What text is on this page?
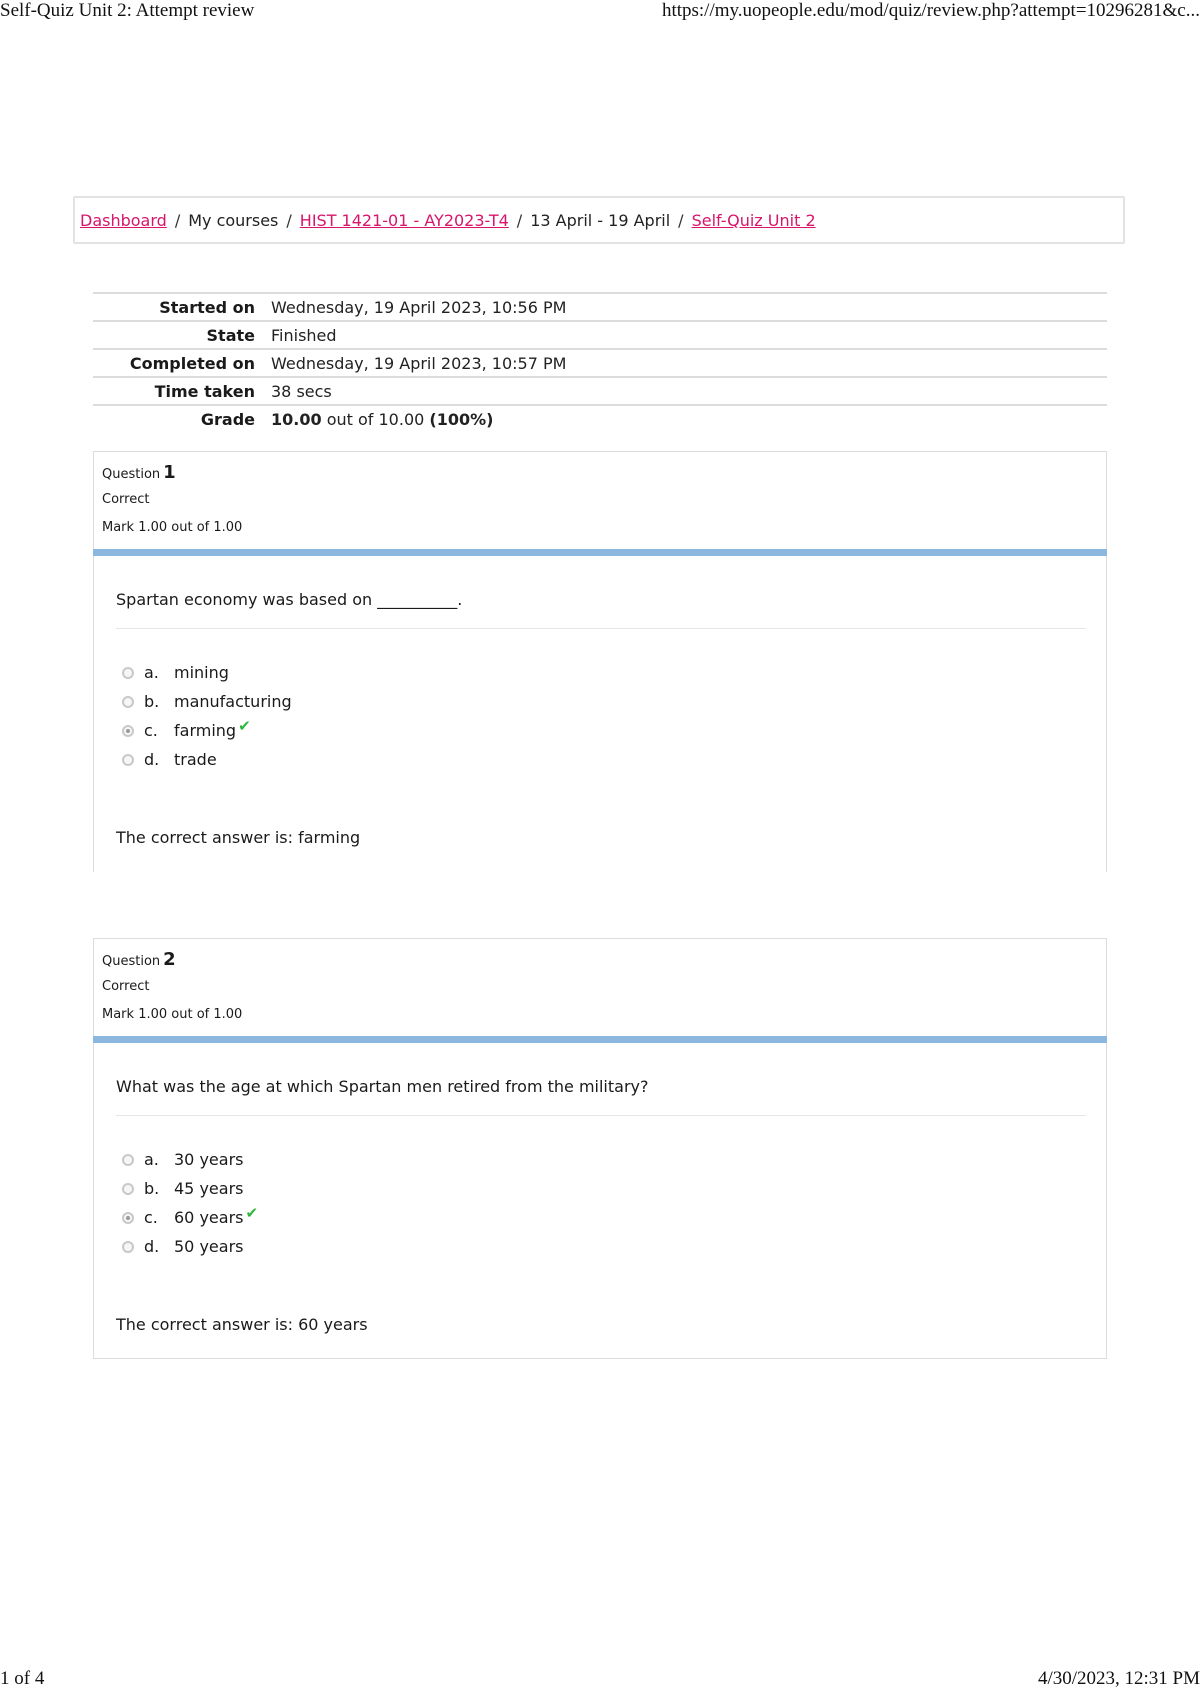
Self-Quiz Unit 2: Attempt review	https://my.uopeople.edu/mod/quiz/review.php?attempt=10296281&c...
Dashboard / My courses / HIST 1421-01 - AY2023-T4 / 13 April - 19 April / Self-Quiz Unit 2
Started on	Wednesday, 19 April 2023, 10:56 PM
State	Finished
Completed on	Wednesday, 19 April 2023, 10:57 PM
Time taken	38 secs
Grade	10.00 out of 10.00 (100%)
Question 1
Correct
Mark 1.00 out of 1.00
Spartan economy was based on __________.
a. mining
b. manufacturing
c.	farming ✔
d. trade
The correct answer is: farming
Question 2
Correct
Mark 1.00 out of 1.00
What was the age at which Spartan men retired from the military?
a. 30 years
b. 45 years
c.	60 years ✔
d. 50 years
The correct answer is: 60 years
1 of 4	4/30/2023, 12:31 PM
